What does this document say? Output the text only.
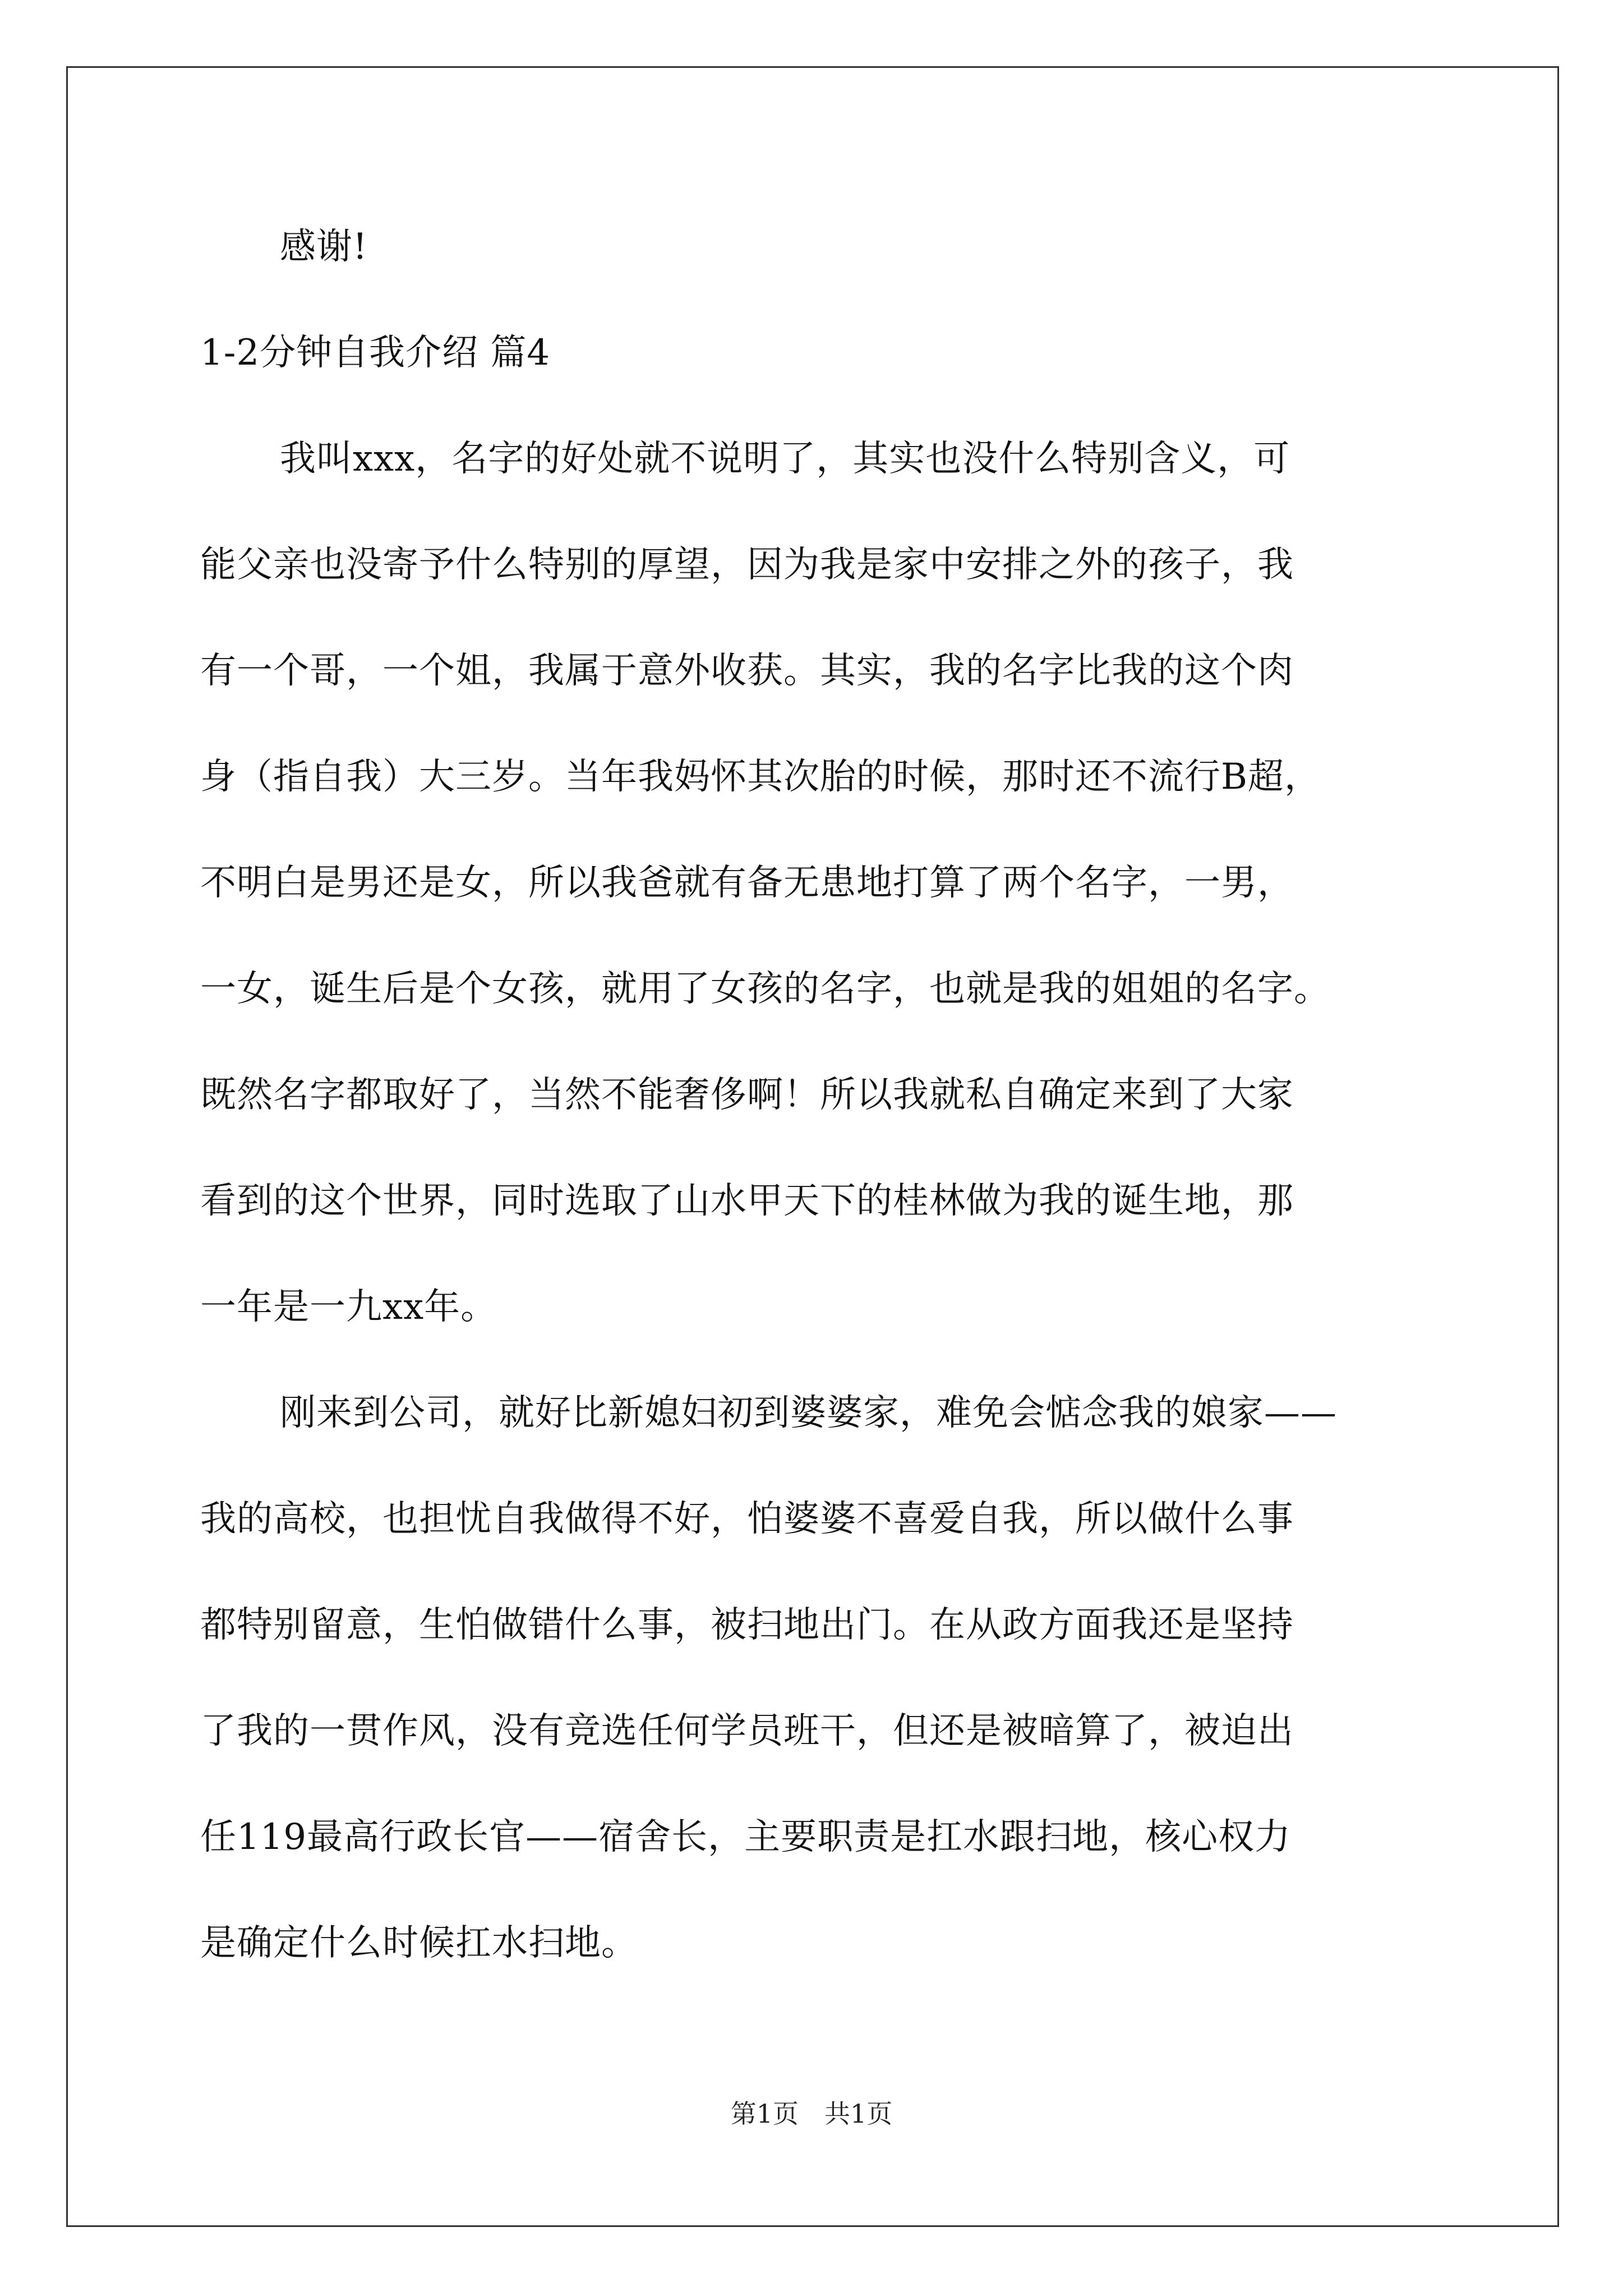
感谢!

1-2分钟自我介绍 篇4

我叫xxx，名字的好处就不说明了，其实也没什么特别含义，可

能父亲也没寄予什么特别的厚望，因为我是家中安排之外的孩子，我

有一个哥，一个姐，我属于意外收获。其实，我的名字比我的这个肉

身（指自我）大三岁。当年我妈怀其次胎的时候，那时还不流行B超，

不明白是男还是女，所以我爸就有备无患地打算了两个名字，一男，

一女，诞生后是个女孩，就用了女孩的名字，也就是我的姐姐的名字。

既然名字都取好了，当然不能奢侈啊！所以我就私自确定来到了大家

看到的这个世界，同时选取了山水甲天下的桂林做为我的诞生地，那

一年是一九xx年。

刚来到公司，就好比新媳妇初到婆婆家，难免会惦念我的娘家——

我的高校，也担忧自我做得不好，怕婆婆不喜爱自我，所以做什么事

都特别留意，生怕做错什么事，被扫地出门。在从政方面我还是坚持

了我的一贯作风，没有竞选任何学员班干，但还是被暗算了，被迫出

任119最高行政长官——宿舍长，主要职责是扛水跟扫地，核心权力

是确定什么时候扛水扫地。

第1页　共1页
